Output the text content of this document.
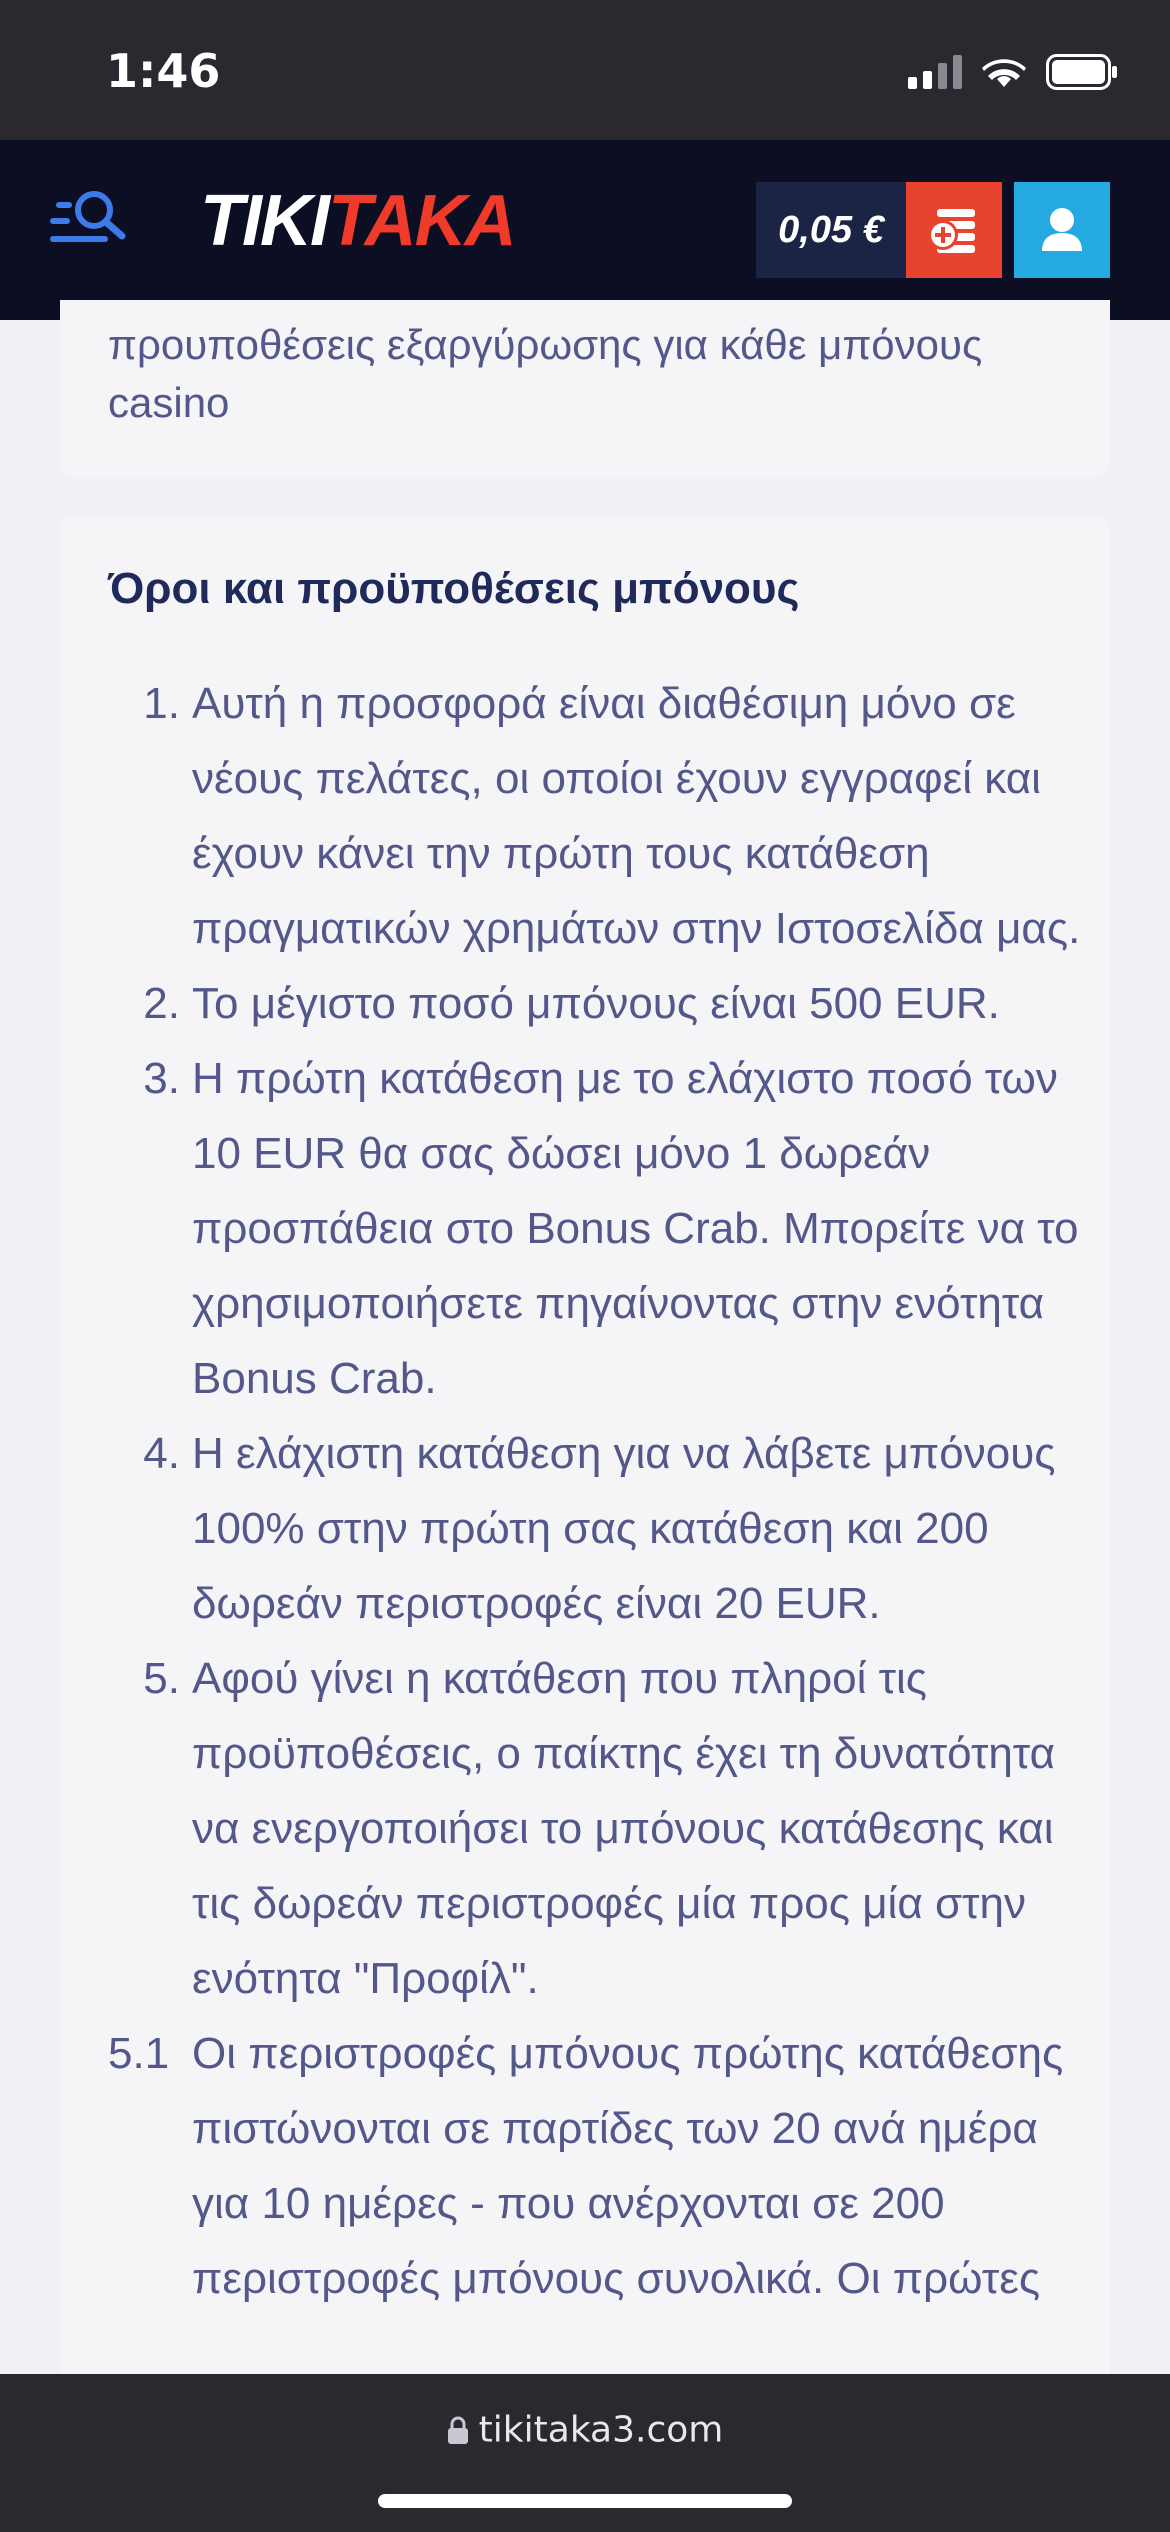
1:46
TIKITAKA	0,05 €

προυποθέσεις εξαργύρωσης για κάθε μπόνους casino

Όροι και προϋποθέσεις μπόνους
1. Αυτή η προσφορά είναι διαθέσιμη μόνο σε νέους πελάτες, οι οποίοι έχουν εγγραφεί και έχουν κάνει την πρώτη τους κατάθεση πραγματικών χρημάτων στην Ιστοσελίδα μας.
2. Το μέγιστο ποσό μπόνους είναι 500 EUR.
3. Η πρώτη κατάθεση με το ελάχιστο ποσό των 10 EUR θα σας δώσει μόνο 1 δωρεάν προσπάθεια στο Bonus Crab. Μπορείτε να το χρησιμοποιήσετε πηγαίνοντας στην ενότητα Bonus Crab.
4. Η ελάχιστη κατάθεση για να λάβετε μπόνους 100% στην πρώτη σας κατάθεση και 200 δωρεάν περιστροφές είναι 20 EUR.
5. Αφού γίνει η κατάθεση που πληροί τις προϋποθέσεις, ο παίκτης έχει τη δυνατότητα να ενεργοποιήσει το μπόνους κατάθεσης και τις δωρεάν περιστροφές μία προς μία στην ενότητα "Προφίλ".
5.1 Οι περιστροφές μπόνους πρώτης κατάθεσης πιστώνονται σε παρτίδες των 20 ανά ημέρα για 10 ημέρες - που ανέρχονται σε 200 περιστροφές μπόνους συνολικά. Οι πρώτες
tikitaka3.com
